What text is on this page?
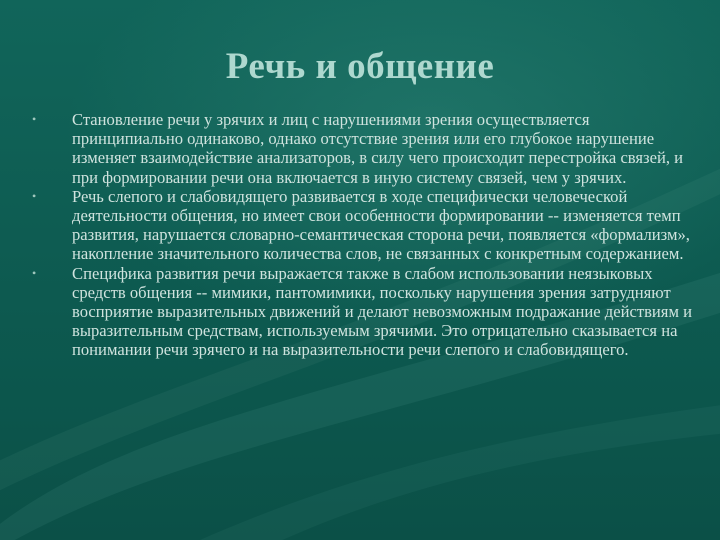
Речь и общение
•	Становление речи у зрячих и лиц с нарушениями зрения осуществляется принципиально одинаково, однако отсутствие зрения или его глубокое нарушение изменяет взаимодействие анализаторов, в силу чего происходит перестройка связей, и при формировании речи она включается в иную систему связей, чем у зрячих.
•	Речь слепого и слабовидящего развивается в ходе специфически человеческой деятельности общения, но имеет свои особенности формировании -- изменяется темп развития, нарушается словарно-семантическая сторона речи, появляется «формализм», накопление значительного количества слов, не связанных с конкретным содержанием.
•	Специфика развития речи выражается также в слабом использовании неязыковых средств общения -- мимики, пантомимики, поскольку нарушения зрения затрудняют восприятие выразительных движений и делают невозможным подражание действиям и выразительным средствам, используемым зрячими. Это отрицательно сказывается на понимании речи зрячего и на выразительности речи слепого и слабовидящего.
